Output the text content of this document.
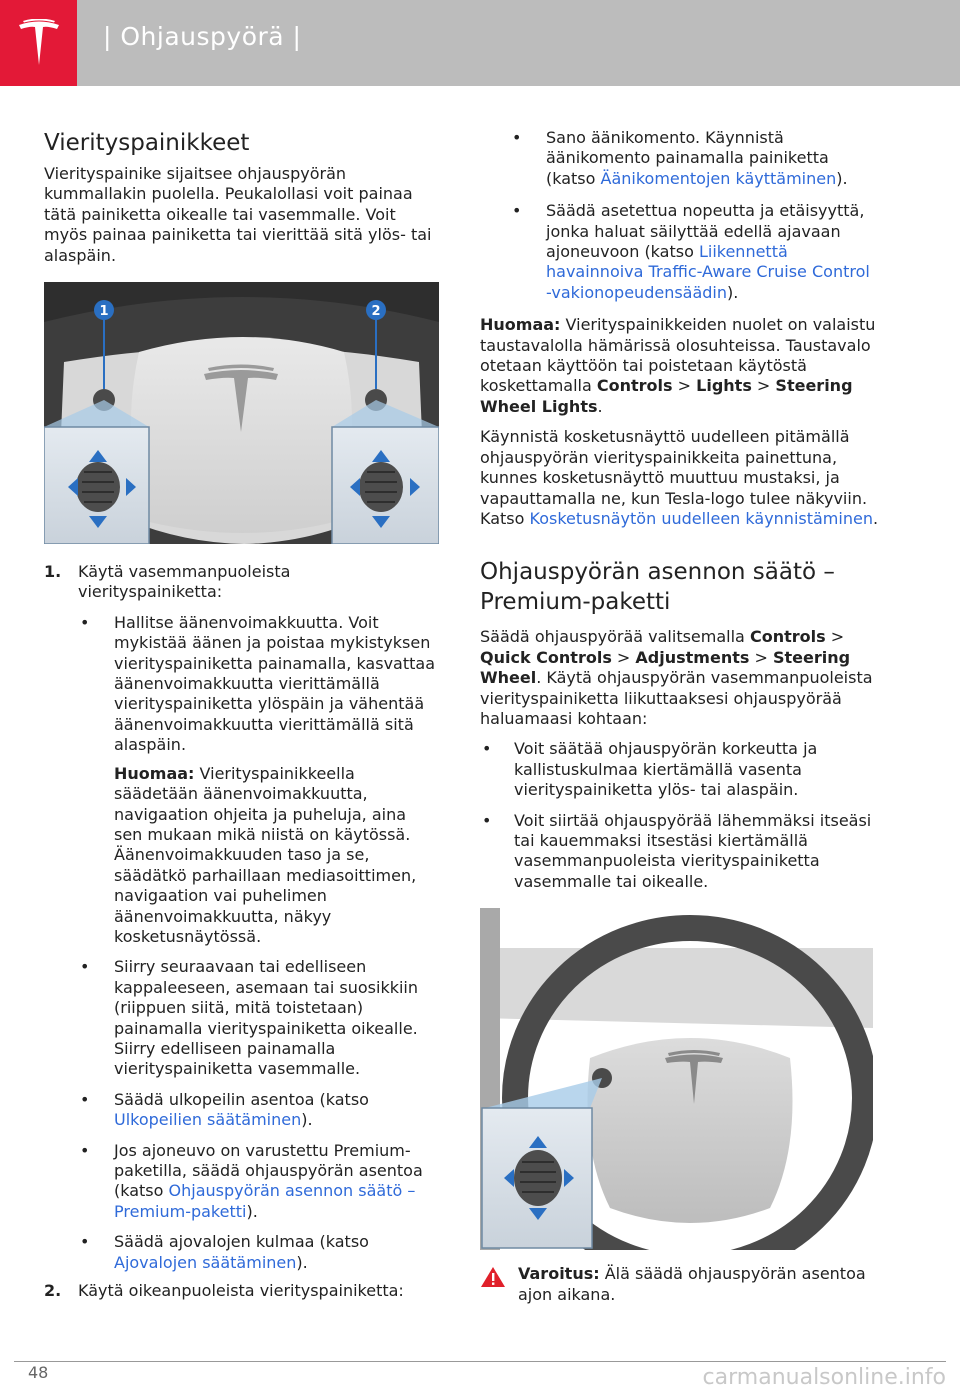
| Ohjauspyörä |
Vierityspainikkeet

Vierityspainike sijaitsee ohjauspyörän kummallakin puolella. Peukalollasi voit painaa tätä painiketta oikealle tai vasemmalle. Voit myös painaa painiketta tai vierittää sitä ylös- tai alaspäin.

1	2
1. Käytä vasemmanpuoleista vierityspainiketta:
• Hallitse äänenvoimakkuutta. Voit mykistää äänen ja poistaa mykistyksen vierityspainiketta painamalla, kasvattaa äänenvoimakkuutta vierittämällä vierityspainiketta ylöspäin ja vähentää äänenvoimakkuutta vierittämällä sitä alaspäin.

Huomaa: Vierityspainikkeella säädetään äänenvoimakkuutta, navigaation ohjeita ja puheluja, aina sen mukaan mikä niistä on käytössä. Äänenvoimakkuuden taso ja se, säädätkö parhaillaan mediasoittimen, navigaation vai puhelimen äänenvoimakkuutta, näkyy kosketusnäytössä.

• Siirry seuraavaan tai edelliseen kappaleeseen, asemaan tai suosikkiin (riippuen siitä, mitä toistetaan) painamalla vierityspainiketta oikealle. Siirry edelliseen painamalla vierityspainiketta vasemmalle.
• Säädä ulkopeilin asentoa (katso Ulkopeilien säätäminen).
• Jos ajoneuvo on varustettu Premium-paketilla, säädä ohjauspyörän asentoa (katso Ohjauspyörän asennon säätö – Premium-paketti).
• Säädä ajovalojen kulmaa (katso Ajovalojen säätäminen).
2. Käytä oikeanpuoleista vierityspainiketta:
• Sano äänikomento. Käynnistä äänikomento painamalla painiketta (katso Äänikomentojen käyttäminen).
• Säädä asetettua nopeutta ja etäisyyttä, jonka haluat säilyttää edellä ajavaan ajoneuvoon (katso Liikennettä havainnoiva Traffic-Aware Cruise Control -vakionopeudensäädin).

Huomaa: Vierityspainikkeiden nuolet on valaistu taustavalolla hämärissä olosuhteissa. Taustavalo otetaan käyttöön tai poistetaan käytöstä koskettamalla Controls > Lights > Steering Wheel Lights.

Käynnistä kosketusnäyttö uudelleen pitämällä ohjauspyörän vierityspainikkeita painettuna, kunnes kosketusnäyttö muuttuu mustaksi, ja vapauttamalla ne, kun Tesla-logo tulee näkyviin. Katso Kosketusnäytön uudelleen käynnistäminen.

Ohjauspyörän asennon säätö – Premium-paketti

Säädä ohjauspyörää valitsemalla Controls > Quick Controls > Adjustments > Steering Wheel. Käytä ohjauspyörän vasemmanpuoleista vierityspainiketta liikuttaaksesi ohjauspyörää haluamaasi kohtaan:

• Voit säätää ohjauspyörän korkeutta ja kallistuskulmaa kiertämällä vasenta vierityspainiketta ylös- tai alaspäin.
• Voit siirtää ohjauspyörää lähemmäksi itseäsi tai kauemmaksi itsestäsi kiertämällä vasemmanpuoleista vierityspainiketta vasemmalle tai oikealle.

Varoitus: Älä säädä ohjauspyörän asentoa ajon aikana.

48	carmanualsonline.info
